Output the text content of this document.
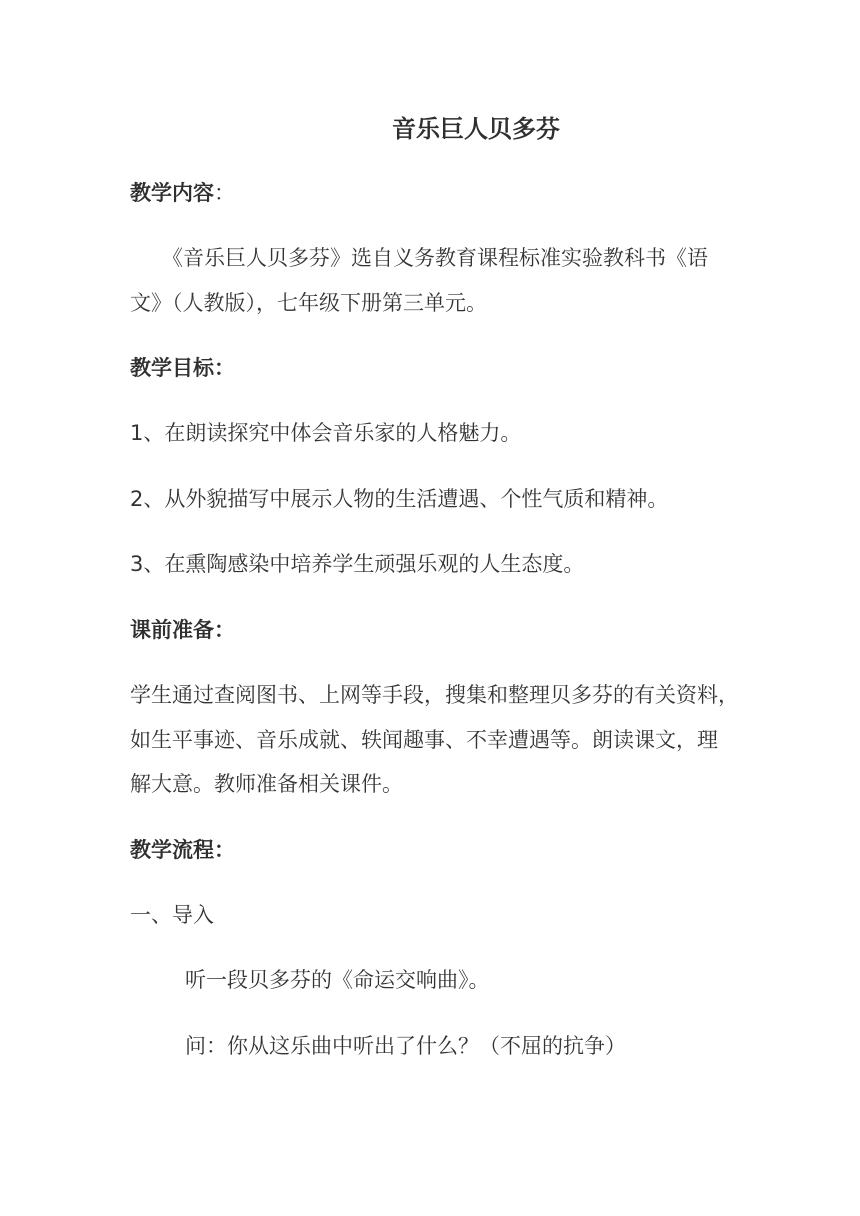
音乐巨人贝多芬
教学内容：
《音乐巨人贝多芬》选自义务教育课程标准实验教科书《语
文》（人教版），七年级下册第三单元。
教学目标：
1、在朗读探究中体会音乐家的人格魅力。
2、从外貌描写中展示人物的生活遭遇、个性气质和精神。
3、在熏陶感染中培养学生顽强乐观的人生态度。
课前准备：
学生通过查阅图书、上网等手段，搜集和整理贝多芬的有关资料，
如生平事迹、音乐成就、轶闻趣事、不幸遭遇等。朗读课文，理
解大意。教师准备相关课件。
教学流程：
一、导入
听一段贝多芬的《命运交响曲》。
问：你从这乐曲中听出了什么？（不屈的抗争）
